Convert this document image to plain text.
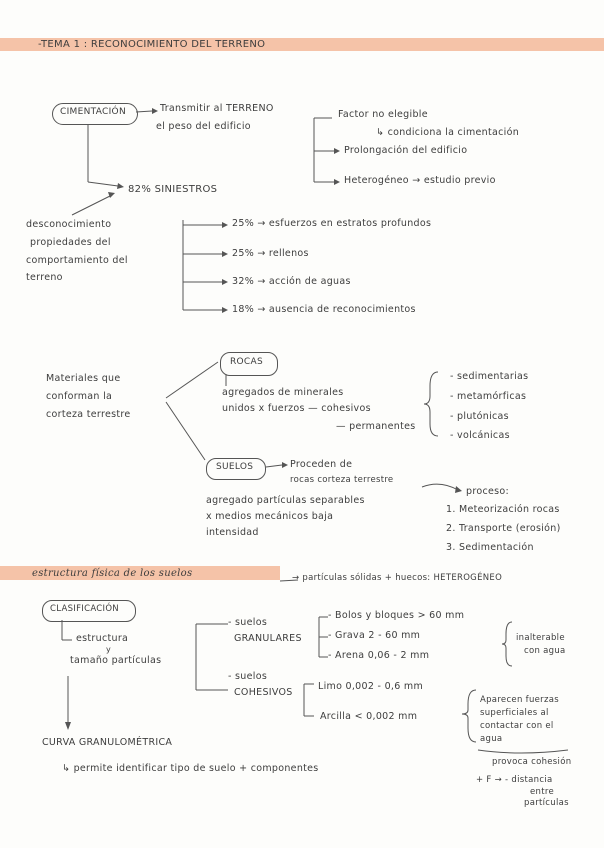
-TEMA 1 : RECONOCIMIENTO DEL TERRENO
CIMENTACIÓN	Transmitir al TERRENO
el peso del edificio
Factor no elegible
↳ condiciona la cimentación
Prolongación del edificio
Heterogéneo → estudio previo
82% SINIESTROS
desconocimiento
propiedades del
comportamiento del
terreno
25% → esfuerzos en estratos profundos
25% → rellenos
32% → acción de aguas
18% → ausencia de reconocimientos
Materiales que
conforman la
corteza terrestre
ROCAS
agregados de minerales
unidos x fuerzos — cohesivos
— permanentes
- sedimentarias
- metamórficas
- plutónicas
- volcánicas
SUELOS	Proceden de
rocas corteza terrestre
proceso:
1. Meteorización rocas
2. Transporte (erosión)
3. Sedimentación
agregado partículas separables
x medios mecánicos baja
intensidad
estructura física de los suelos	→ partículas sólidas + huecos: HETEROGÉNEO
CLASIFICACIÓN
estructura
y
tamaño partículas
- suelos
GRANULARES
- Bolos y bloques > 60 mm
- Grava 2 - 60 mm
- Arena 0,06 - 2 mm
inalterable
con agua
- suelos
COHESIVOS
Limo 0,002 - 0,6 mm
Arcilla < 0,002 mm
Aparecen fuerzas
superficiales al
contactar con el
agua
provoca cohesión
+ F → - distancia
entre
partículas
CURVA GRANULOMÉTRICA
↳ permite identificar tipo de suelo + componentes
